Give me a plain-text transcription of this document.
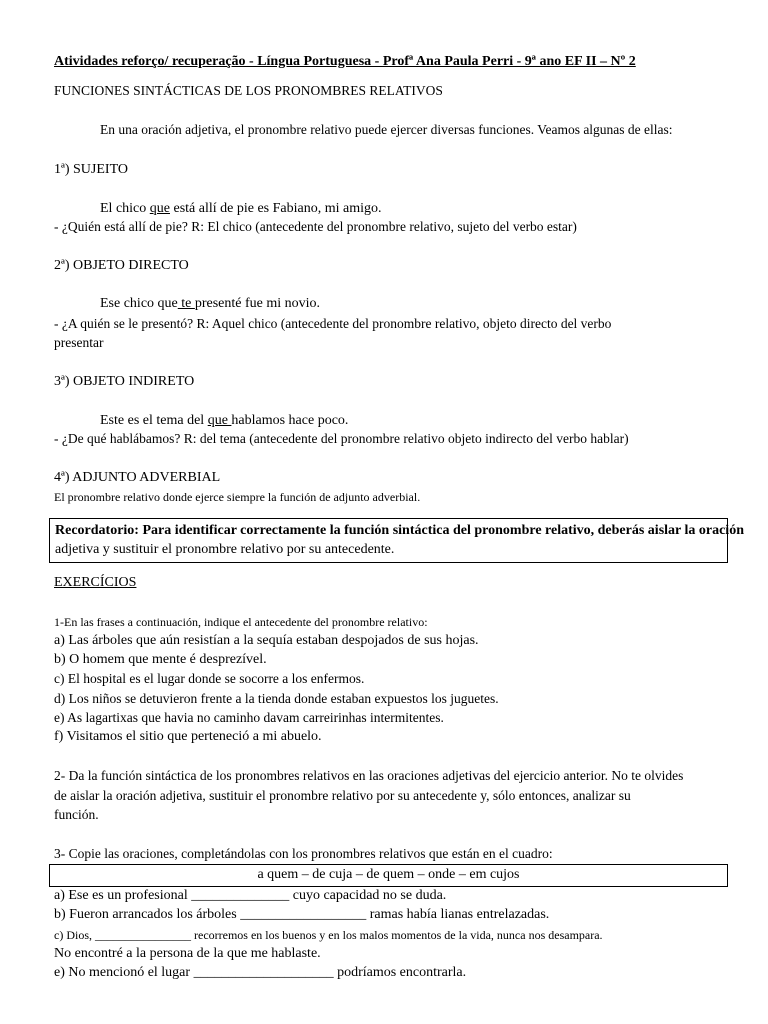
Atividades reforço/ recuperação - Língua Portuguesa - Profª Ana Paula Perri - 9ª ano EF II – Nº 2
FUNCIONES SINTÁCTICAS DE LOS PRONOMBRES RELATIVOS
En una oración adjetiva, el pronombre relativo puede ejercer diversas funciones. Veamos algunas de ellas:
1ª) SUJEITO
El chico que está allí de pie es Fabiano, mi amigo.
- ¿Quién está allí de pie? R: El chico (antecedente del pronombre relativo, sujeto del verbo estar)
2ª) OBJETO DIRECTO
Ese chico que te presenté fue mi novio.
- ¿A quién se le presentó? R: Aquel chico (antecedente del pronombre relativo, objeto directo del verbo
presentar
3ª) OBJETO INDIRETO
Este es el tema del que hablamos hace poco.
- ¿De qué hablábamos? R: del tema (antecedente del pronombre relativo objeto indirecto del verbo hablar)
4ª) ADJUNTO ADVERBIAL
El pronombre relativo donde ejerce siempre la función de adjunto adverbial.
Recordatorio: Para identificar correctamente la función sintáctica del pronombre relativo, deberás aislar la oración
adjetiva y sustituir el pronombre relativo por su antecedente.
EXERCÍCIOS
1-En las frases a continuación, indique el antecedente del pronombre relativo:
a) Las árboles que aún resistían a la sequía estaban despojados de sus hojas.
b) O homem que mente é desprezível.
c) El hospital es el lugar donde se socorre a los enfermos.
d) Los niños se detuvieron frente a la tienda donde estaban expuestos los juguetes.
e) As lagartixas que havia no caminho davam carreirinhas intermitentes.
f) Visitamos el sitio que perteneció a mi abuelo.
2- Da la función sintáctica de los pronombres relativos en las oraciones adjetivas del ejercicio anterior. No te olvides
de aislar la oración adjetiva, sustituir el pronombre relativo por su antecedente y, sólo entonces, analizar su
función.
3- Copie las oraciones, completándolas con los pronombres relativos que están en el cuadro:
a quem – de cuja – de quem – onde – em cujos
a) Ese es un profesional ______________ cuyo capacidad no se duda.
b) Fueron arrancados los árboles __________________ ramas había lianas entrelazadas.
c) Dios, ________________ recorremos en los buenos y en los malos momentos de la vida, nunca nos desampara.
No encontré a la persona de la que me hablaste.
e) No mencionó el lugar ____________________ podríamos encontrarla.
